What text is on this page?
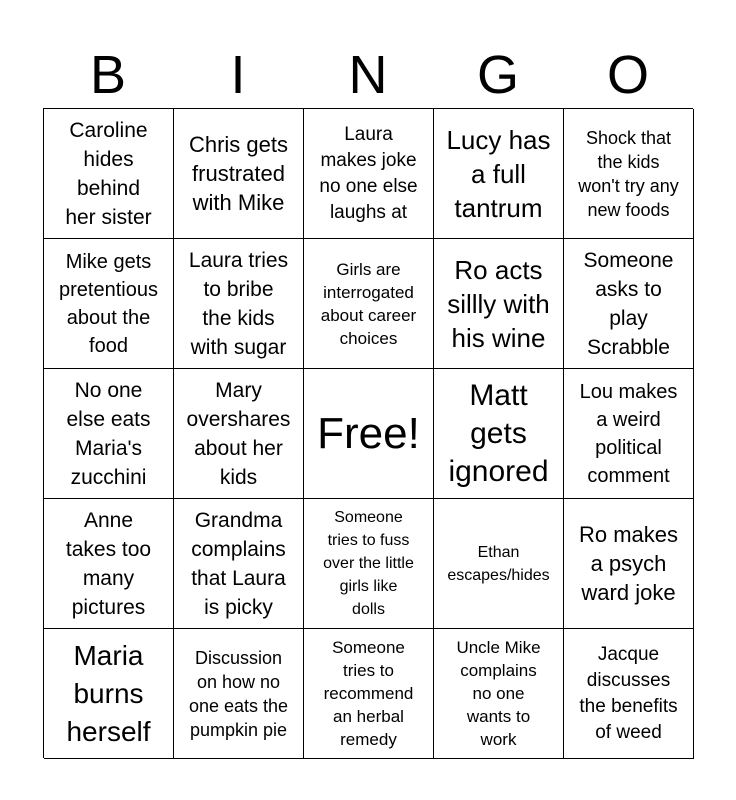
B	I	N	G	O
Caroline
hides
behind
her sister
Chris gets
frustrated
with Mike
Laura
makes joke
no one else
laughs at
Lucy has
a full
tantrum
Shock that
the kids
won't try any
new foods
Mike gets
pretentious
about the
food
Laura tries
to bribe
the kids
with sugar
Girls are
interrogated
about career
choices
Ro acts
sillly with
his wine
Someone
asks to
play
Scrabble
No one
else eats
Maria's
zucchini
Mary
overshares
about her
kids
Free!
Matt
gets
ignored
Lou makes
a weird
political
comment
Anne
takes too
many
pictures
Grandma
complains
that Laura
is picky
Someone
tries to fuss
over the little
girls like
dolls
Ethan
escapes/hides
Ro makes
a psych
ward joke
Maria
burns
herself
Discussion
on how no
one eats the
pumpkin pie
Someone
tries to
recommend
an herbal
remedy
Uncle Mike
complains
no one
wants to
work
Jacque
discusses
the benefits
of weed
